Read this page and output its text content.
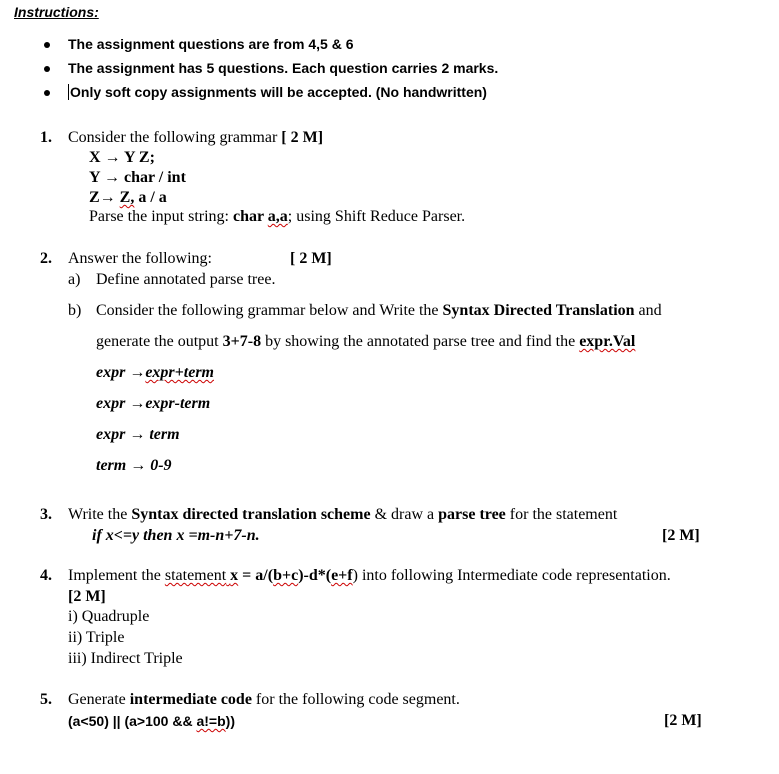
Instructions:
The assignment questions are from 4,5 & 6
The assignment has 5 questions. Each question carries 2 marks.
Only soft copy assignments will be accepted. (No handwritten)
1. Consider the following grammar [ 2 M]
X → Y Z;
Y → char / int
Z→ Z, a / a
Parse the input string: char a,a; using Shift Reduce Parser.
2. Answer the following:	[ 2 M]
a) Define annotated parse tree.
b) Consider the following grammar below and Write the Syntax Directed Translation and
generate the output 3+7-8 by showing the annotated parse tree and find the expr.Val
expr →expr+term
expr →expr-term
expr → term
term → 0-9
3. Write the Syntax directed translation scheme & draw a parse tree for the statement
if x<=y then x =m-n+7-n.	[2 M]
4. Implement the statement x = a/(b+c)-d*(e+f) into following Intermediate code representation.
[2 M]
i) Quadruple
ii) Triple
iii) Indirect Triple
5. Generate intermediate code for the following code segment.
(a<50) || (a>100 && a!=b))	[2 M]
